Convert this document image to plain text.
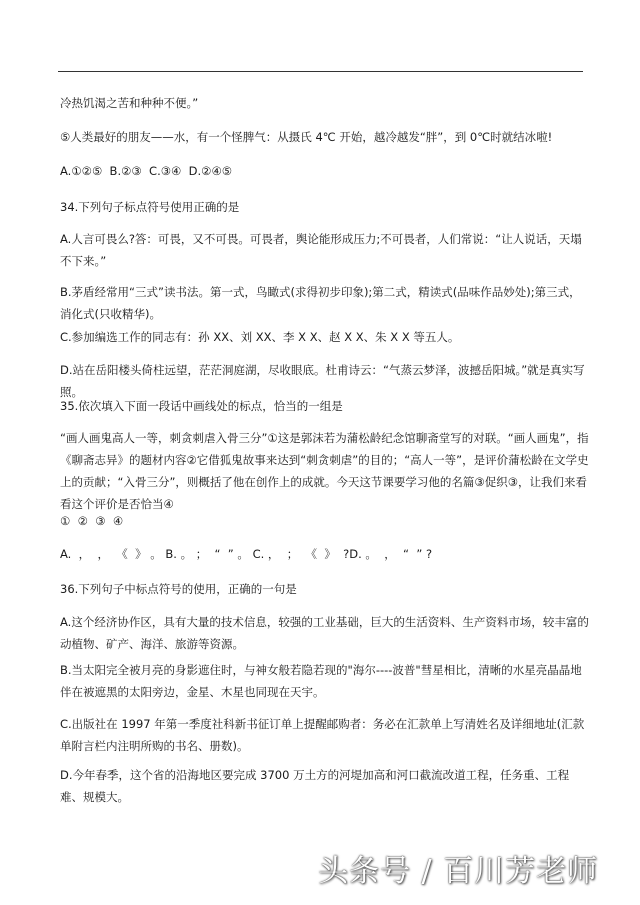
冷热饥渴之苦和种种不便。”
⑤人类最好的朋友——水，有一个怪脾气：从摄氏 4℃ 开始，越冷越发“胖”，到 0℃时就结冰啦!
A.①②⑤  B.②③  C.③④  D.②④⑤
34.下列句子标点符号使用正确的是
A.人言可畏么?答：可畏，又不可畏。可畏者，舆论能形成压力;不可畏者，人们常说：“让人说话，天塌不下来。”
B.茅盾经常用“三式”读书法。第一式，鸟瞰式(求得初步印象);第二式，精读式(品味作品妙处);第三式，消化式(只收精华)。
C.参加编选工作的同志有：孙 XX、刘 XX、李 X X、赵 X X、朱 X X 等五人。
D.站在岳阳楼头倚柱远望，茫茫洞庭湖，尽收眼底。杜甫诗云：“气蒸云梦泽，波撼岳阳城。”就是真实写照。
35.依次填入下面一段话中画线处的标点，恰当的一组是
“画人画鬼高人一等，刺贪刺虐入骨三分”①这是郭沫若为蒲松龄纪念馆聊斋堂写的对联。“画人画鬼”，指《聊斋志异》的题材内容②它借狐鬼故事来达到“刺贪刺虐”的目的；“高人一等”，是评价蒲松龄在文学史上的贡献；“入骨三分”，则概括了他在创作上的成就。今天这节课要学习他的名篇③促织③，让我们来看看这个评价是否恰当④
①  ②  ③  ④
A.  ，  ，  《  》 。 B. 。 ；  “  ” 。 C. ，  ；  《  》  ?D. 。  ，  “  ” ?
36.下列句子中标点符号的使用，正确的一句是
A.这个经济协作区，具有大量的技术信息，较强的工业基础，巨大的生活资料、生产资料市场，较丰富的动植物、矿产、海洋、旅游等资源。
B.当太阳完全被月亮的身影遮住时，与神女般若隐若现的"海尔----波普"彗星相比，清晰的水星亮晶晶地伴在被遮黑的太阳旁边，金星、木星也同现在天宇。
C.出版社在 1997 年第一季度社科新书征订单上提醒邮购者：务必在汇款单上写清姓名及详细地址(汇款单附言栏内注明所购的书名、册数)。
D.今年春季，这个省的沿海地区要完成 3700 万土方的河堤加高和河口截流改道工程，任务重、工程难、规模大。
头条号 / 百川芳老师
